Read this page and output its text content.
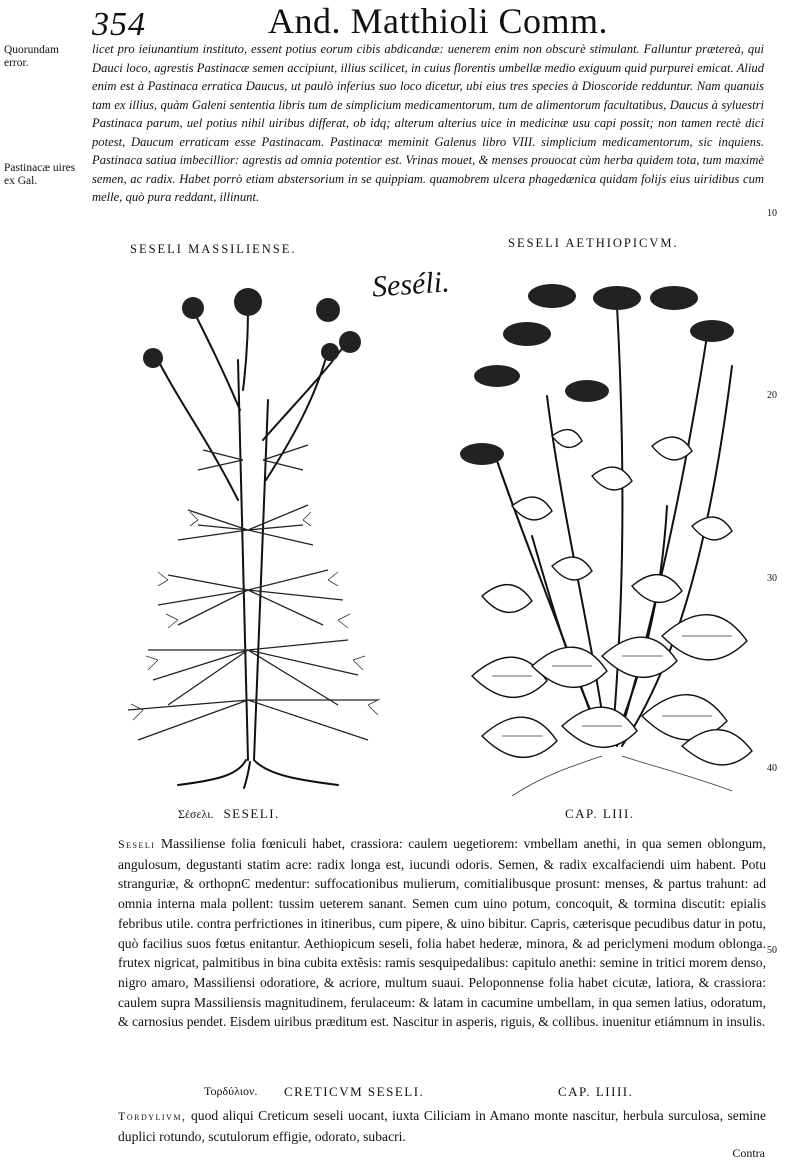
354	And. Matthioli Comm.
Quorundam error.
Pastinacæ uires ex Gal.
10
20
30
40
50

licet pro ieiunantium instituto, essent potius eorum cibis abdicandæ: uenerem enim non obscurè stimulant. Falluntur prætereà, qui Dauci loco, agrestis Pastinacæ semen accipiunt, illius scilicet, in cuius florentis umbellæ medio exiguum quid purpurei emicat. Aliud enim est à Pastinaca erratica Daucus, ut paulò inferius suo loco dicetur, ubi eius tres species à Dioscoride redduntur. Nam quanuis tam ex illius, quàm Galeni sententia libris tum de simplicium medicamentorum, tum de alimentorum facultatibus, Daucus à syluestri Pastinaca parum, uel potius nihil uiribus differat, ob idq; alterum alterius uice in medicinæ usu capi possit; non tamen rectè dici potest, Daucum erraticam esse Pastinacam. Pastinacæ meminit Galenus libro VIII. simplicium medicamentorum, sic inquiens. Pastinaca satiua imbecillior: agrestis ad omnia potentior est. Vrinas mouet, & menses prouocat cùm herba quidem tota, tum maximè semen, ac radix. Habet porrò etiam abstersorium in se quippiam. quamobrem ulcera phagedænica quidam folijs eius uiridibus cum melle, quò pura reddant, illinunt.

SESELI MASSILIENSE.	SESELI AETHIOPICVM.
Seséli.
Σέσελι. SESELI.	CAP. LIII.

Seseli Massiliense folia fœniculi habet, crassiora: caulem uegetiorem: vmbellam anethi, in qua semen oblongum, angulosum, degustanti statim acre: radix longa est, iucundi odoris. Semen, & radix excalfaciendi uim habent. Potu stranguriæ, & orthopnϾ medentur: suffocationibus mulierum, comitialibusque prosunt: menses, & partus trahunt: ad omnia interna mala pollent: tussim ueterem sanant. Semen cum uino potum, concoquit, & tormina discutit: epialis febribus utile. contra perfrictiones in itineribus, cum pipere, & uino bibitur. Capris, cæterisque pecudibus datur in potu, quò facilius suos fœtus enitantur. Aethiopicum seseli, folia habet hederæ, minora, & ad periclymeni modum oblonga. frutex nigricat, palmitibus in bina cubita extẽsis: ramis sesquipedalibus: capitulo anethi: semine in tritici morem denso, nigro amaro, Massiliensi odoratiore, & acriore, multum suaui. Peloponnense folia habet cicutæ, latiora, & crassiora: caulem supra Massiliensis magnitudinem, ferulaceum: & latam in cacumine umbellam, in qua semen latius, odoratum, & carnosius pendet. Eisdem uiribus præditum est. Nascitur in asperis, riguis, & collibus. inuenitur etiámnum in insulis.

Τορδύλιον. CRETICVM SESELI.	CAP. LIIII.

Tordylivm, quod aliqui Creticum seseli uocant, iuxta Ciliciam in Amano monte nascitur, herbula surculosa, semine duplici rotundo, scutulorum effigie, odorato, subacri.

Contra
